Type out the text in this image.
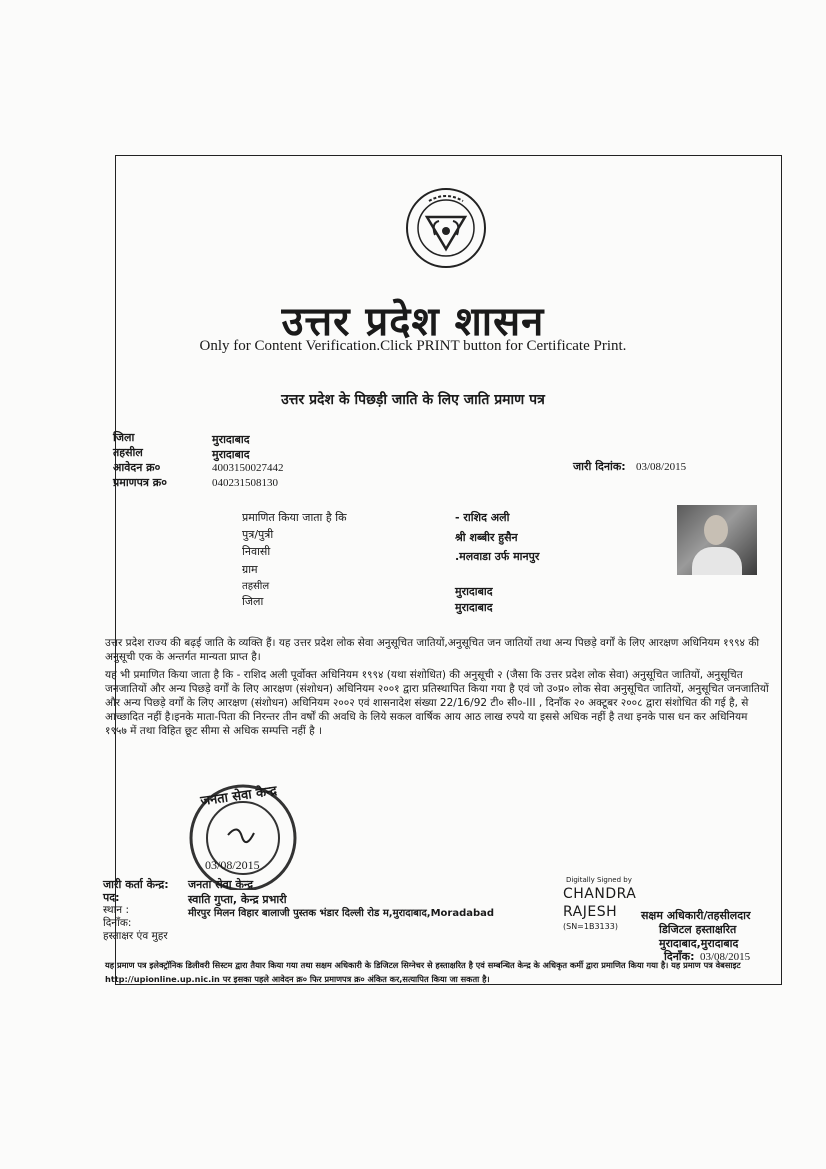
उत्तर प्रदेश शासन
Only for Content Verification.Click PRINT button for Certificate Print.
उत्तर प्रदेश के पिछड़ी जाति के लिए जाति प्रमाण पत्र
जिला	मुरादाबाद
तहसील	मुरादाबाद
आवेदन क्र०	4003150027442
प्रमाणपत्र क्र०	040231508130
जारी दिनांक: 03/08/2015
प्रमाणित किया जाता है कि	- राशिद अली
पुत्र/पुत्री	श्री शब्बीर हुसैन
निवासी	.मलवाडा उर्फ मानपुर
ग्राम
तहसील	मुरादाबाद
जिला	मुरादाबाद
उत्तर प्रदेश राज्य की बढ़ई जाति के व्यक्ति हैं। यह उत्तर प्रदेश लोक सेवा अनुसूचित जातियों,अनुसूचित जन जातियों तथा अन्य पिछड़े वर्गों के लिए आरक्षण अधिनियम १९९४ की अनुसूची एक के अन्तर्गत मान्यता प्राप्त है।
यह भी प्रमाणित किया जाता है कि - राशिद अली पूर्वोक्त अधिनियम १९९४ (यथा संशोधित) की अनुसूची २ (जैसा कि उत्तर प्रदेश लोक सेवा) अनुसूचित जातियों, अनुसूचित जनजातियों और अन्य पिछड़े वर्गों के लिए आरक्षण (संशोधन) अधिनियम २००१ द्वारा प्रतिस्थापित किया गया है एवं जो उ०प्र० लोक सेवा अनुसूचित जातियों, अनुसूचित जनजातियों और अन्य पिछड़े वर्गों के लिए आरक्षण (संशोधन) अधिनियम २००२ एवं शासनादेश संख्या 22/16/92 टी० सी०-III , दिनाँक २० अक्टूबर २००८ द्वारा संशोधित की गई है, से आच्छादित नहीं है।इनके माता-पिता की निरन्तर तीन वर्षों की अवधि के लिये सकल वार्षिक आय आठ लाख रुपये या इससे अधिक नहीं है तथा इनके पास धन कर अधिनियम १९५७ में तथा विहित छूट सीमा से अधिक सम्पत्ति नहीं है ।
जनता सेवा केन्द्र
03/08/2015
जारी कर्ता केन्द्र: जनता सेवा केन्द्र
पद:	स्वाति गुप्ता, केन्द्र प्रभारी
स्थान :	मीरपुर मिलन विहार बालाजी पुस्तक भंडार दिल्ली रोड म,मुरादाबाद,Moradabad
दिनाँक:
हस्ताक्षर एंव मुहर
Digitally Signed by
CHANDRA
RAJESH
(SN=1B3133)
सक्षम अधिकारी/तहसीलदार
डिजिटल हस्ताक्षरित
मुरादाबाद,मुरादाबाद
दिनाँक: 03/08/2015
यह प्रमाण पत्र इलेक्ट्रॉनिक डिलीवरी सिस्टम द्वारा तैयार किया गया तथा सक्षम अधिकारी के डिजिटल सिग्नेचर से हस्ताक्षरित है एवं सम्बन्धित केन्द्र के अधिकृत कर्मी द्वारा प्रमाणित किया गया है। यह प्रमाण पत्र वेबसाइट http://upionline.up.nic.in पर इसका पहले आवेदन क्र० फिर प्रमाणपत्र क्र० अंकित कर,सत्यापित किया जा सकता है।
